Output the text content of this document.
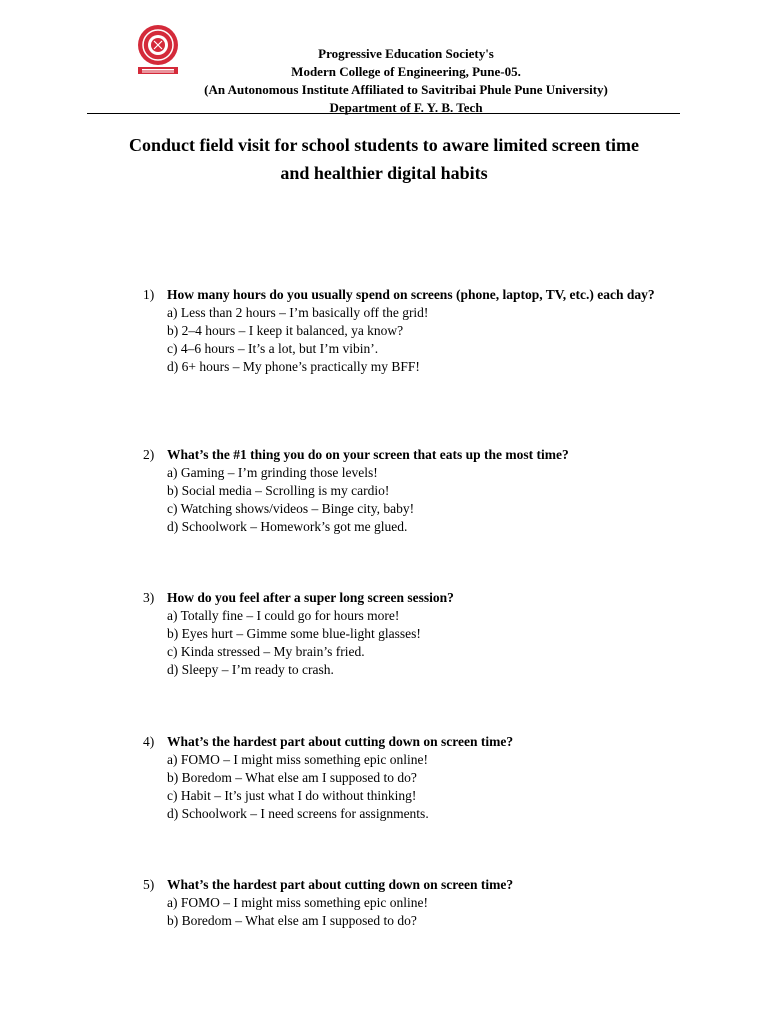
Progressive Education Society's
Modern College of Engineering, Pune-05.
(An Autonomous Institute Affiliated to Savitribai Phule Pune University)
Department of F. Y. B. Tech
Conduct field visit for school students to aware limited screen time
and healthier digital habits
1) How many hours do you usually spend on screens (phone, laptop, TV, etc.) each day?
a) Less than 2 hours – I’m basically off the grid!
b) 2–4 hours – I keep it balanced, ya know?
c) 4–6 hours – It’s a lot, but I’m vibin’.
d) 6+ hours – My phone’s practically my BFF!
2) What’s the #1 thing you do on your screen that eats up the most time?
a) Gaming – I’m grinding those levels!
b) Social media – Scrolling is my cardio!
c) Watching shows/videos – Binge city, baby!
d) Schoolwork – Homework’s got me glued.
3) How do you feel after a super long screen session?
a) Totally fine – I could go for hours more!
b) Eyes hurt – Gimme some blue-light glasses!
c) Kinda stressed – My brain’s fried.
d) Sleepy – I’m ready to crash.
4) What’s the hardest part about cutting down on screen time?
a) FOMO – I might miss something epic online!
b) Boredom – What else am I supposed to do?
c) Habit – It’s just what I do without thinking!
d) Schoolwork – I need screens for assignments.
5) What’s the hardest part about cutting down on screen time?
a) FOMO – I might miss something epic online!
b) Boredom – What else am I supposed to do?
